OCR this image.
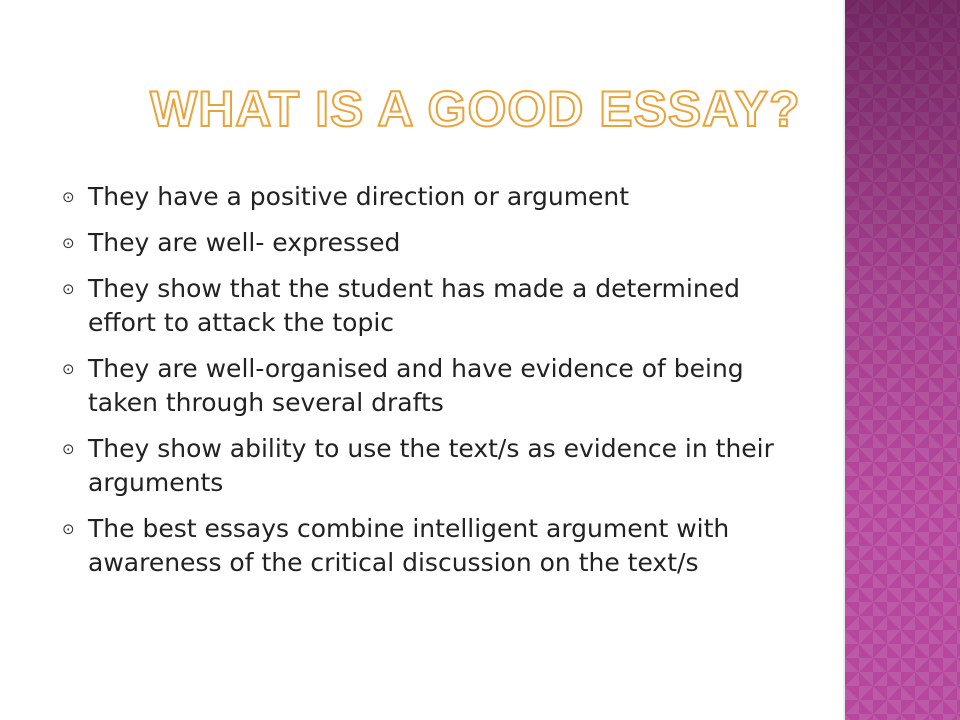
WHAT IS A GOOD ESSAY?
⊙ They have a positive direction or argument
⊙ They are well- expressed
⊙ They show that the student has made a determined effort to attack the topic
⊙ They are well-organised and have evidence of being taken through several drafts
⊙ They show ability to use the text/s as evidence in their arguments
⊙ The best essays combine intelligent argument with awareness of the critical discussion on the text/s
